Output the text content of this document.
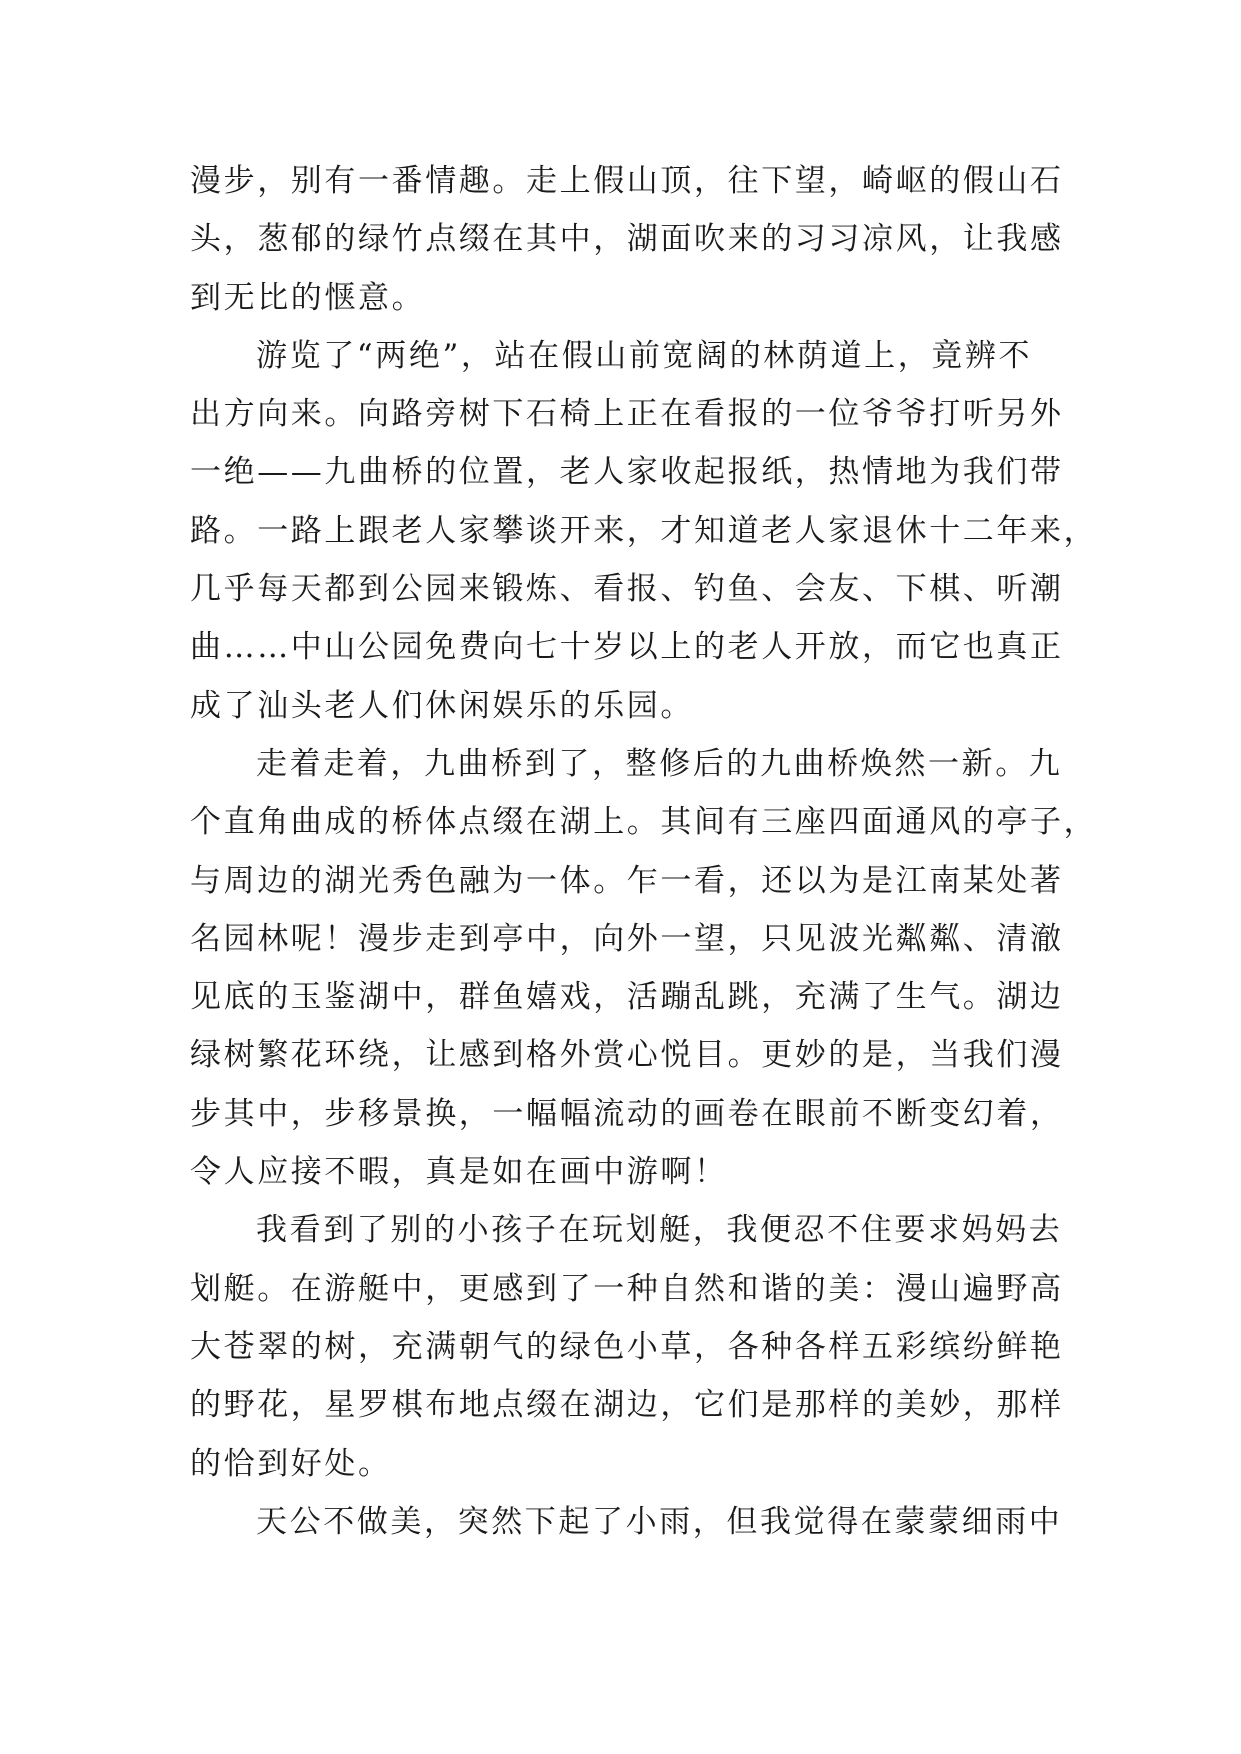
漫步，别有一番情趣。走上假山顶，往下望，崎岖的假山石
头，葱郁的绿竹点缀在其中，湖面吹来的习习凉风，让我感
到无比的惬意。
游览了“两绝”，站在假山前宽阔的林荫道上，竟辨不
出方向来。向路旁树下石椅上正在看报的一位爷爷打听另外
一绝——九曲桥的位置，老人家收起报纸，热情地为我们带
路。一路上跟老人家攀谈开来，才知道老人家退休十二年来，
几乎每天都到公园来锻炼、看报、钓鱼、会友、下棋、听潮
曲……中山公园免费向七十岁以上的老人开放，而它也真正
成了汕头老人们休闲娱乐的乐园。
走着走着，九曲桥到了，整修后的九曲桥焕然一新。九
个直角曲成的桥体点缀在湖上。其间有三座四面通风的亭子，
与周边的湖光秀色融为一体。乍一看，还以为是江南某处著
名园林呢！漫步走到亭中，向外一望，只见波光粼粼、清澈
见底的玉鉴湖中，群鱼嬉戏，活蹦乱跳，充满了生气。湖边
绿树繁花环绕，让感到格外赏心悦目。更妙的是，当我们漫
步其中，步移景换，一幅幅流动的画卷在眼前不断变幻着，
令人应接不暇，真是如在画中游啊！
我看到了别的小孩子在玩划艇，我便忍不住要求妈妈去
划艇。在游艇中，更感到了一种自然和谐的美：漫山遍野高
大苍翠的树，充满朝气的绿色小草，各种各样五彩缤纷鲜艳
的野花，星罗棋布地点缀在湖边，它们是那样的美妙，那样
的恰到好处。
天公不做美，突然下起了小雨，但我觉得在蒙蒙细雨中
